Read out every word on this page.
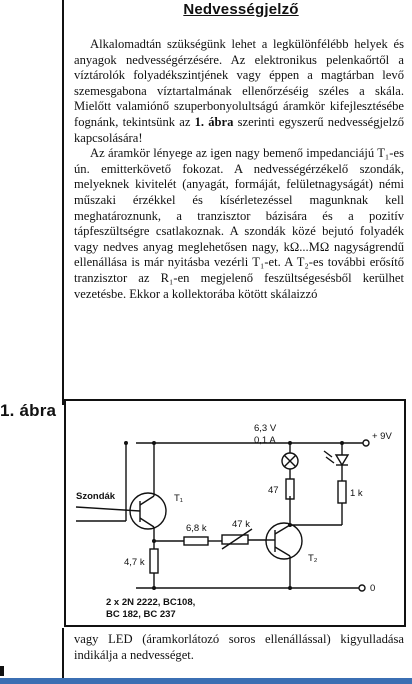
Nedvességjelző

Alkalomadtán szükségünk lehet a legkülönfélébb helyek és anyagok nedvességérzésére. Az elektronikus pelenkaőrtől a víztárolók folyadékszintjének vagy éppen a magtárban levő szemesgabona víztartalmának ellenőrzéséig széles a skála. Mielőtt valamiónő szuperbonyolultságú áramkör kifejlesztésébe fognánk, tekintsünk az 1. ábra szerinti egyszerű nedvességjelző kapcsolására!

Az áramkör lényege az igen nagy bemenő impedanciájú T₁-es ún. emitterkövető fokozat. A nedvességérzékelő szondák, melyeknek kivitelét (anyagát, formáját, felületnagyságát) némi műszaki érzékkel és kísérletezéssel magunknak kell meghatároznunk, a tranzisztor bázisára és a pozitív tápfeszültségre csatlakoznak. A szondák közé bejutó folyadék vagy nedves anyag meglehetősen nagy, kΩ...MΩ nagyságrendű ellenállása is már nyitásba vezérli T₁-et. A T₂-es további erősítő tranzisztor az R₁-en megjelenő feszültségesésből kerülhet vezetésbe. Ekkor a kollektorába kötött skálaizzó

1. ábra
Szondák	T₁
T₂
6,8 k	47 k
4,7 k
47	1 k
6,3 V
0,1 A	+ 9V
0
2 x 2N 2222, BC108,
BC 182, BC 237
vagy LED (áramkorlátozó soros ellenállással) kigyulladása indikálja a nedvességet.
